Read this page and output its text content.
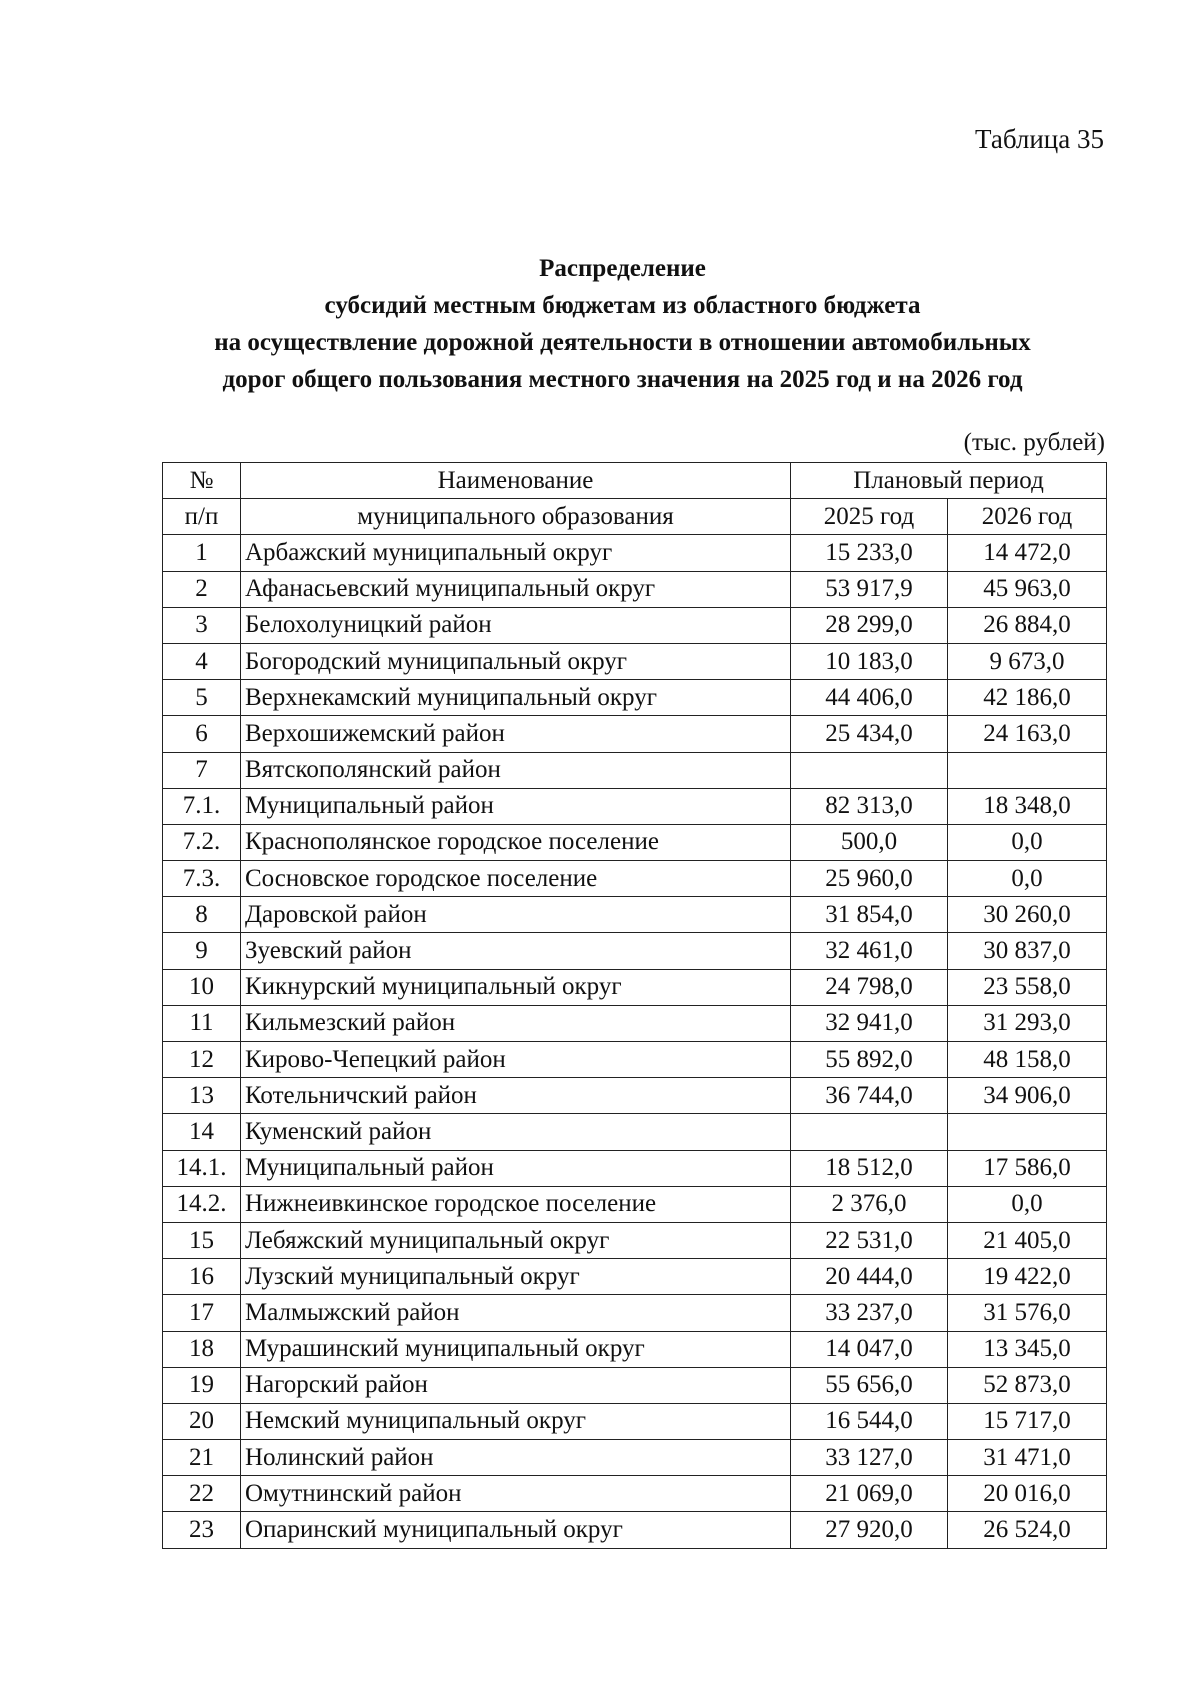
Таблица 35
Распределение
субсидий местным бюджетам из областного бюджета
на осуществление дорожной деятельности в отношении автомобильных
дорог общего пользования местного значения на 2025 год и на 2026 год
(тыс. рублей)
№	Наименование	Плановый период	
п/п	муниципального образования	2025 год	2026 год
1	Арбажский муниципальный округ	15 233,0	14 472,0
2	Афанасьевский муниципальный округ	53 917,9	45 963,0
3	Белохолуницкий район	28 299,0	26 884,0
4	Богородский муниципальный округ	10 183,0	9 673,0
5	Верхнекамский муниципальный округ	44 406,0	42 186,0
6	Верхошижемский район	25 434,0	24 163,0
7	Вятскополянский район		
7.1.	Муниципальный район	82 313,0	18 348,0
7.2.	Краснополянское городское поселение	500,0	0,0
7.3.	Сосновское городское поселение	25 960,0	0,0
8	Даровской район	31 854,0	30 260,0
9	Зуевский район	32 461,0	30 837,0
10	Кикнурский муниципальный округ	24 798,0	23 558,0
11	Кильмезский район	32 941,0	31 293,0
12	Кирово-Чепецкий район	55 892,0	48 158,0
13	Котельничский район	36 744,0	34 906,0
14	Куменский район		
14.1.	Муниципальный район	18 512,0	17 586,0
14.2.	Нижнеивкинское городское поселение	2 376,0	0,0
15	Лебяжский муниципальный округ	22 531,0	21 405,0
16	Лузский муниципальный округ	20 444,0	19 422,0
17	Малмыжский район	33 237,0	31 576,0
18	Мурашинский муниципальный округ	14 047,0	13 345,0
19	Нагорский район	55 656,0	52 873,0
20	Немский муниципальный округ	16 544,0	15 717,0
21	Нолинский район	33 127,0	31 471,0
22	Омутнинский район	21 069,0	20 016,0
23	Опаринский муниципальный округ	27 920,0	26 524,0
